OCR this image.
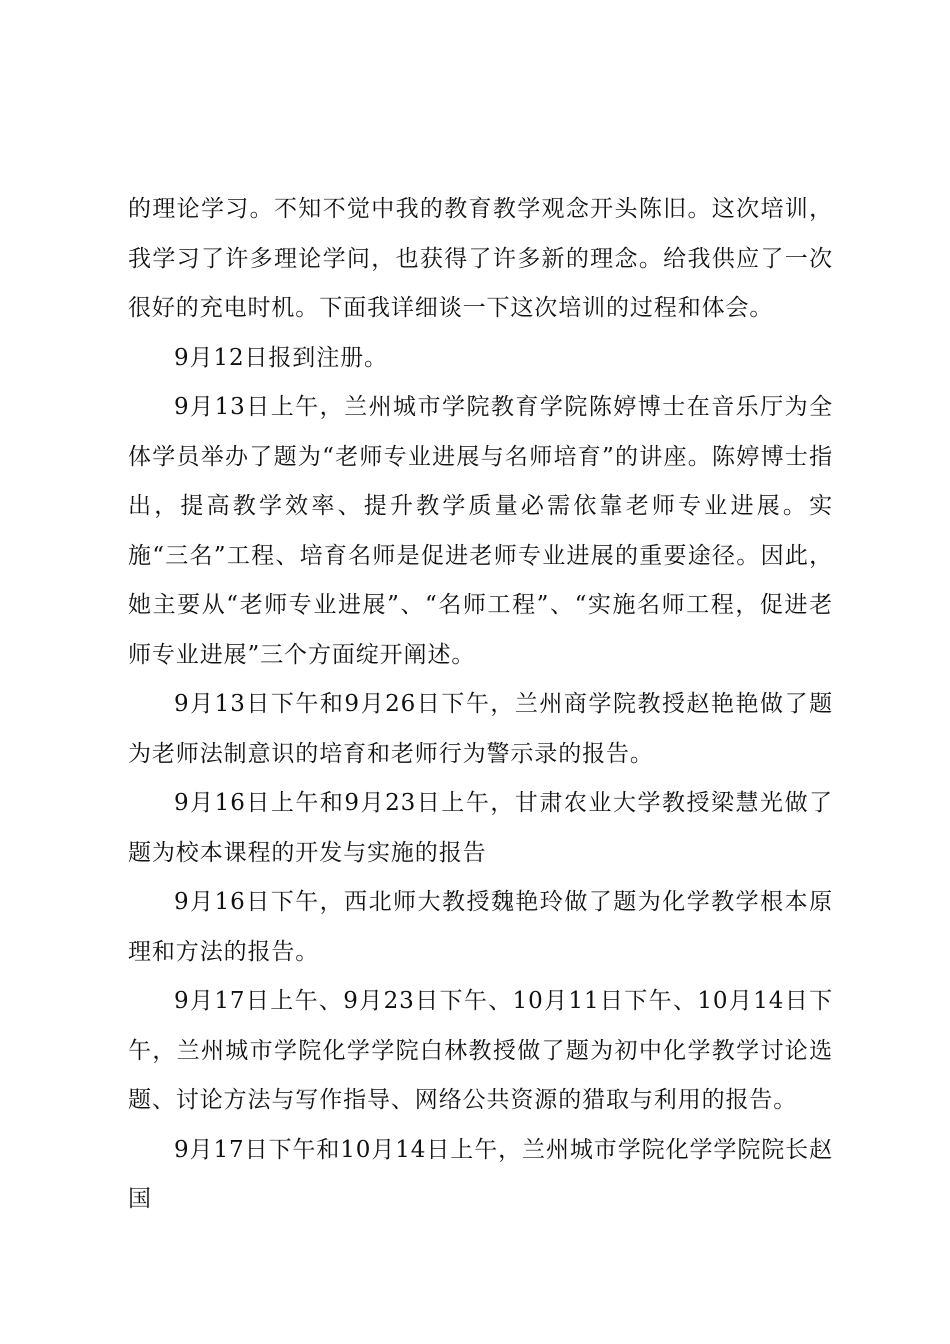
的理论学习。不知不觉中我的教育教学观念开头陈旧。这次培训，我学习了许多理论学问，也获得了许多新的理念。给我供应了一次很好的充电时机。下面我详细谈一下这次培训的过程和体会。

9月12日报到注册。

9月13日上午，兰州城市学院教育学院陈婷博士在音乐厅为全体学员举办了题为“老师专业进展与名师培育”的讲座。陈婷博士指出，提高教学效率、提升教学质量必需依靠老师专业进展。实施“三名”工程、培育名师是促进老师专业进展的重要途径。因此，她主要从“老师专业进展”、“名师工程”、“实施名师工程，促进老师专业进展”三个方面绽开阐述。

9月13日下午和9月26日下午，兰州商学院教授赵艳艳做了题为老师法制意识的培育和老师行为警示录的报告。

9月16日上午和9月23日上午，甘肃农业大学教授梁慧光做了题为校本课程的开发与实施的报告

9月16日下午，西北师大教授魏艳玲做了题为化学教学根本原理和方法的报告。

9月17日上午、9月23日下午、10月11日下午、10月14日下午，兰州城市学院化学学院白林教授做了题为初中化学教学讨论选题、讨论方法与写作指导、网络公共资源的猎取与利用的报告。

9月17日下午和10月14日上午，兰州城市学院化学学院院长赵国
